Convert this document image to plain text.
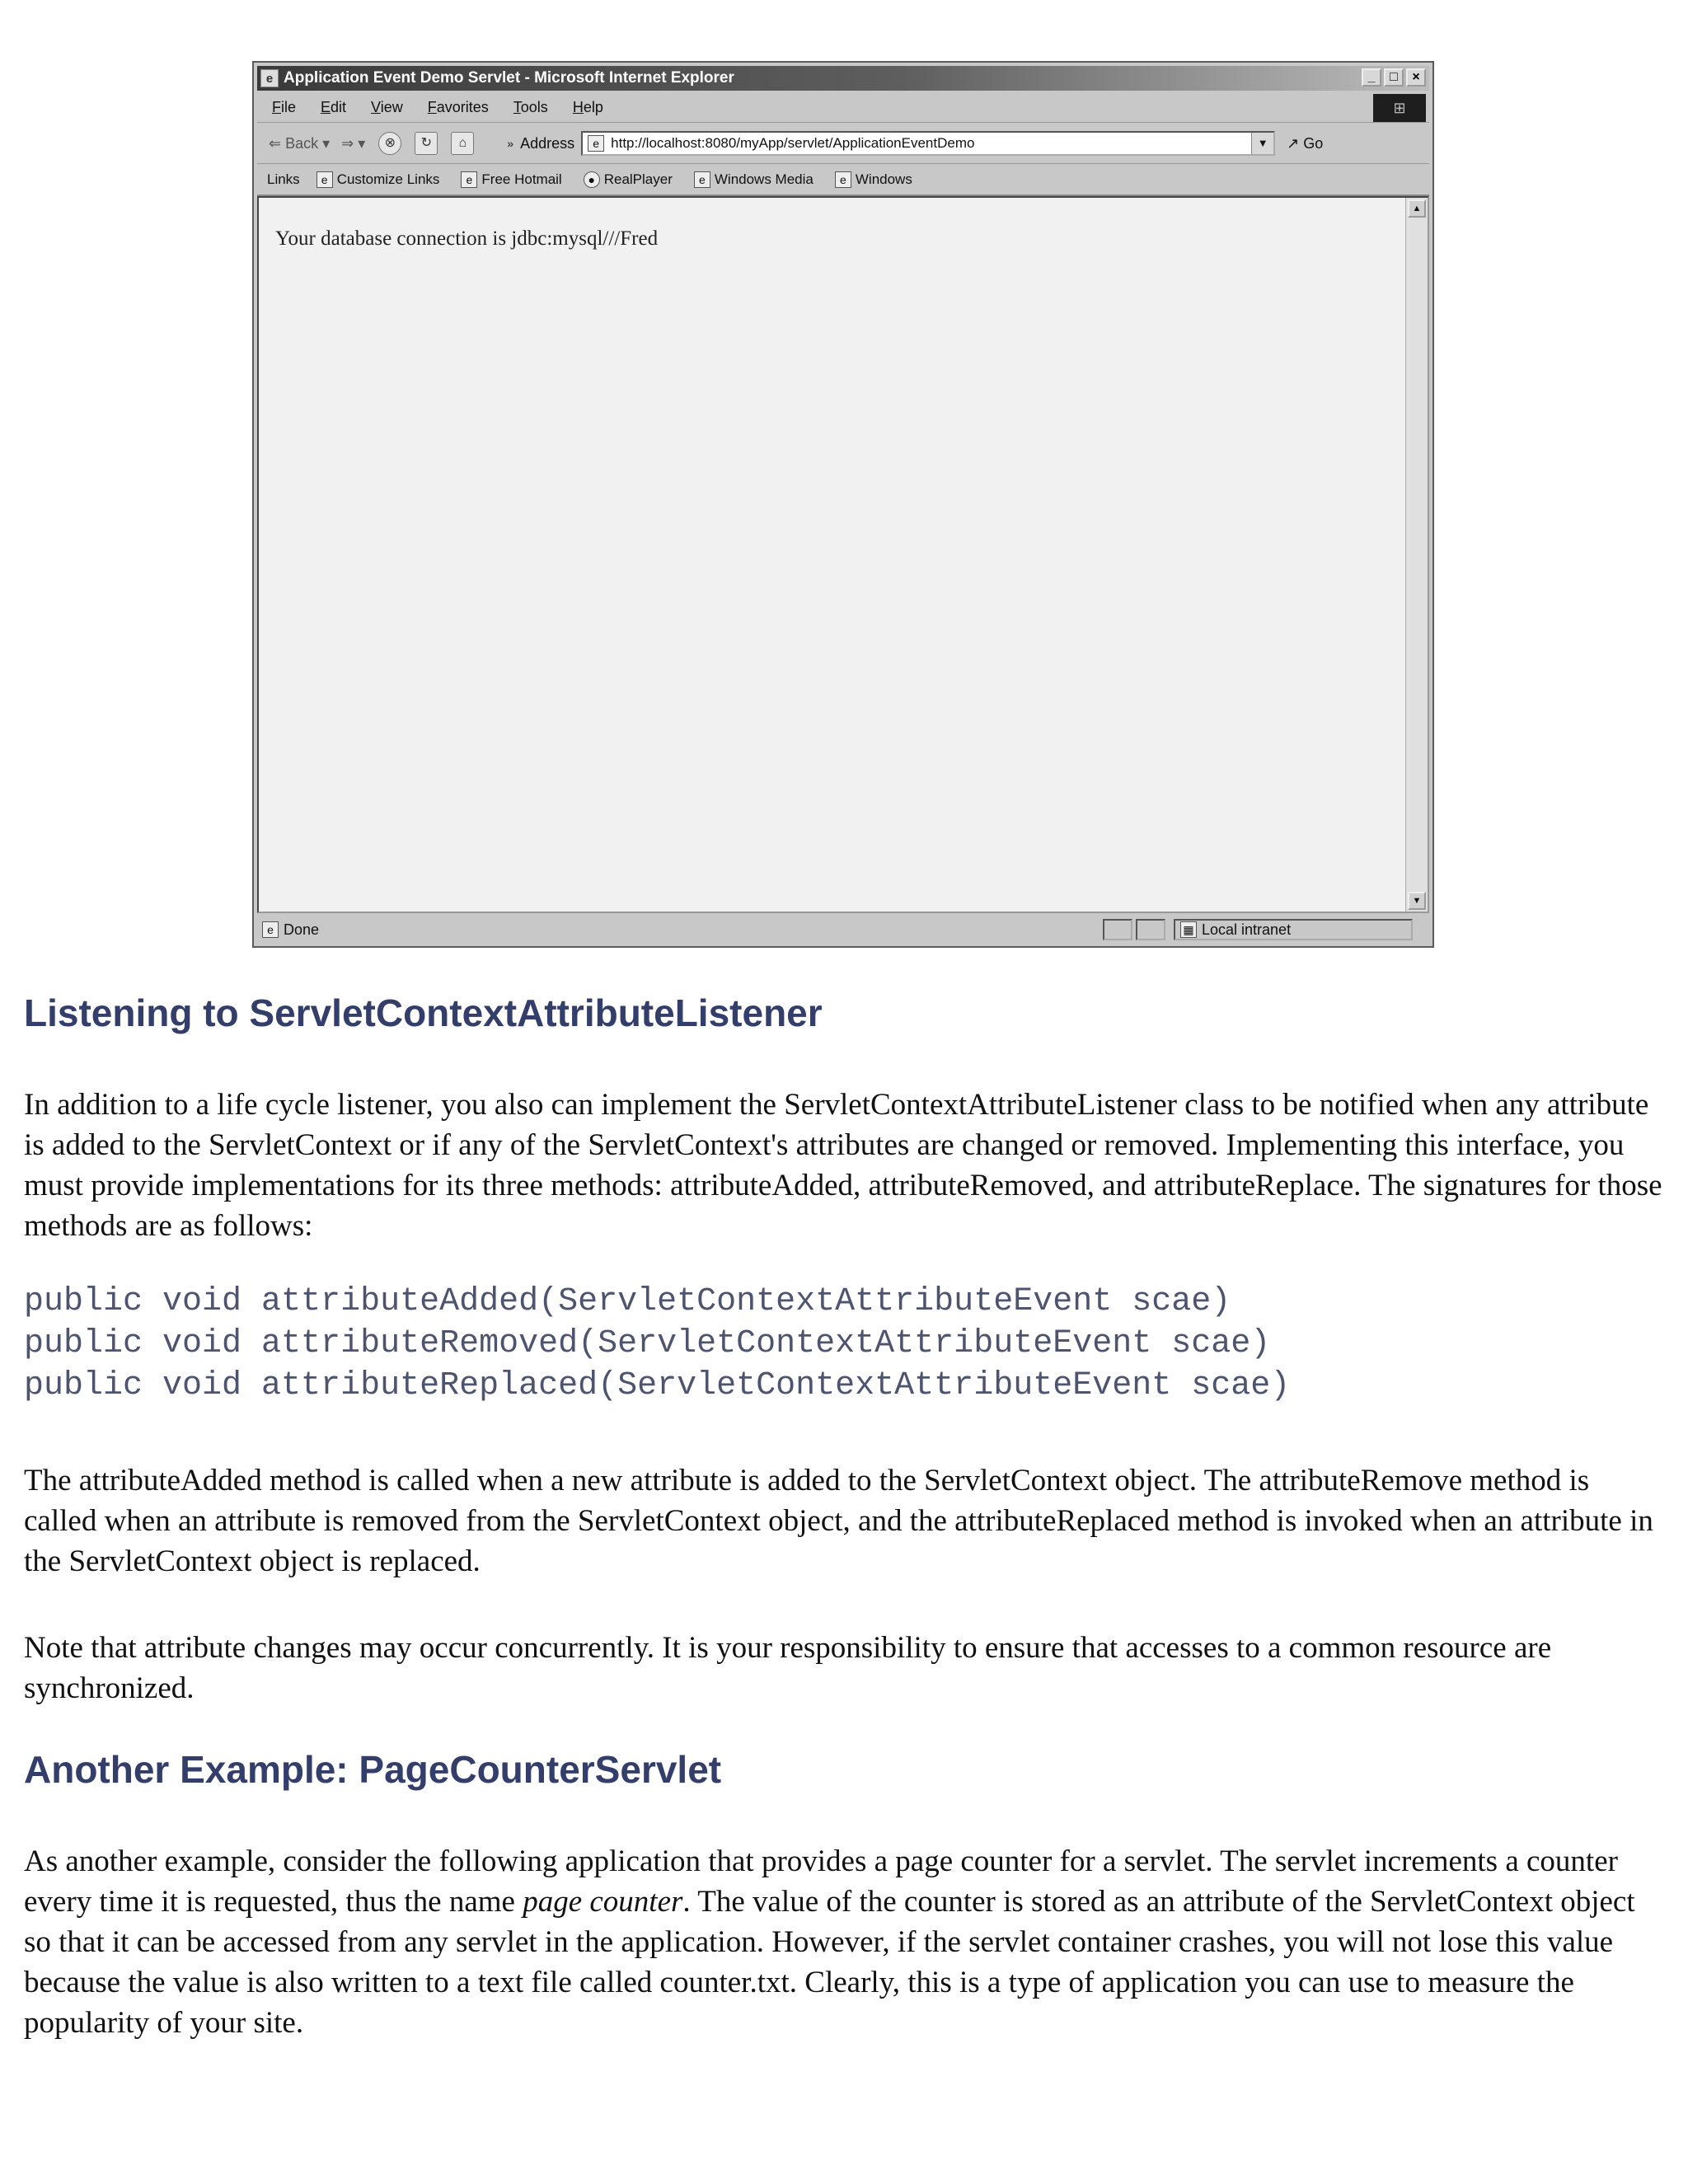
e Application Event Demo Servlet - Microsoft Internet Explorer	_	□	×
File Edit View Favorites Tools Help	⊞
⇐ Back ▾ ⇒ ▾	⊗	↻	⌂	» Address	e http://localhost:8080/myApp/servlet/ApplicationEventDemo	▼	↗ Go
Links	e Customize Links	e Free Hotmail	● RealPlayer	e Windows Media	e Windows
Your database connection is jdbc:mysql///Fred
▲
▼
e Done	▦ Local intranet
Listening to ServletContextAttributeListener

In addition to a life cycle listener, you also can implement the ServletContextAttributeListener class to be notified when any attribute is added to the ServletContext or if any of the ServletContext's attributes are changed or removed. Implementing this interface, you must provide implementations for its three methods: attributeAdded, attributeRemoved, and attributeReplace. The signatures for those methods are as follows:

public void attributeAdded(ServletContextAttributeEvent scae)
public void attributeRemoved(ServletContextAttributeEvent scae)
public void attributeReplaced(ServletContextAttributeEvent scae)

The attributeAdded method is called when a new attribute is added to the ServletContext object. The attributeRemove method is called when an attribute is removed from the ServletContext object, and the attributeReplaced method is invoked when an attribute in the ServletContext object is replaced.

Note that attribute changes may occur concurrently. It is your responsibility to ensure that accesses to a common resource are synchronized.

Another Example: PageCounterServlet

As another example, consider the following application that provides a page counter for a servlet. The servlet increments a counter every time it is requested, thus the name page counter. The value of the counter is stored as an attribute of the ServletContext object so that it can be accessed from any servlet in the application. However, if the servlet container crashes, you will not lose this value because the value is also written to a text file called counter.txt. Clearly, this is a type of application you can use to measure the popularity of your site.
